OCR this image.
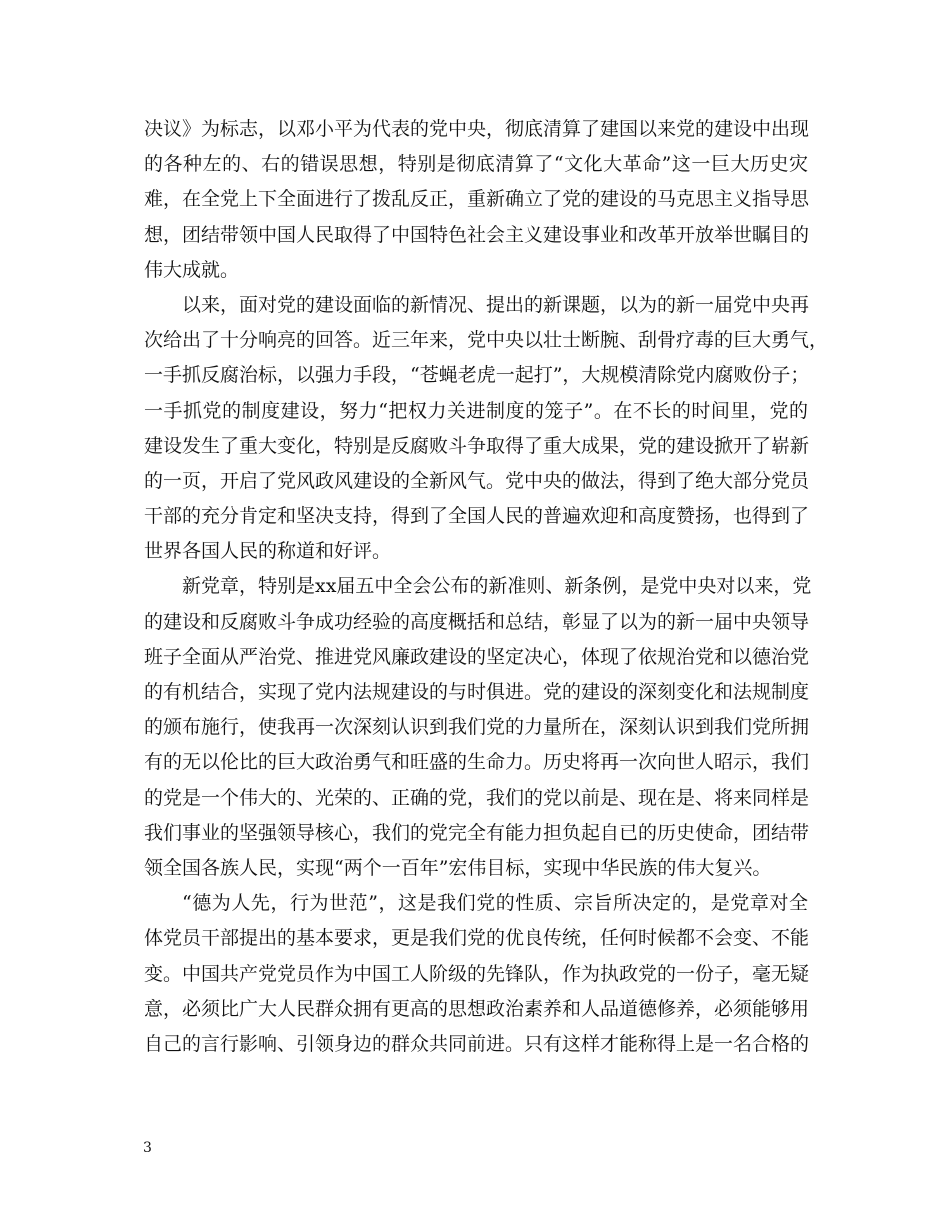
决议》为标志，以邓小平为代表的党中央，彻底清算了建国以来党的建设中出现
的各种左的、右的错误思想，特别是彻底清算了“文化大革命”这一巨大历史灾
难，在全党上下全面进行了拨乱反正，重新确立了党的建设的马克思主义指导思
想，团结带领中国人民取得了中国特色社会主义建设事业和改革开放举世瞩目的
伟大成就。
以来，面对党的建设面临的新情况、提出的新课题，以为的新一届党中央再
次给出了十分响亮的回答。近三年来，党中央以壮士断腕、刮骨疗毒的巨大勇气，
一手抓反腐治标，以强力手段，“苍蝇老虎一起打”，大规模清除党内腐败份子；
一手抓党的制度建设，努力“把权力关进制度的笼子”。在不长的时间里，党的
建设发生了重大变化，特别是反腐败斗争取得了重大成果，党的建设掀开了崭新
的一页，开启了党风政风建设的全新风气。党中央的做法，得到了绝大部分党员
干部的充分肯定和坚决支持，得到了全国人民的普遍欢迎和高度赞扬，也得到了
世界各国人民的称道和好评。
新党章，特别是xx届五中全会公布的新准则、新条例，是党中央对以来，党
的建设和反腐败斗争成功经验的高度概括和总结，彰显了以为的新一届中央领导
班子全面从严治党、推进党风廉政建设的坚定决心，体现了依规治党和以德治党
的有机结合，实现了党内法规建设的与时俱进。党的建设的深刻变化和法规制度
的颁布施行，使我再一次深刻认识到我们党的力量所在，深刻认识到我们党所拥
有的无以伦比的巨大政治勇气和旺盛的生命力。历史将再一次向世人昭示，我们
的党是一个伟大的、光荣的、正确的党，我们的党以前是、现在是、将来同样是
我们事业的坚强领导核心，我们的党完全有能力担负起自已的历史使命，团结带
领全国各族人民，实现“两个一百年”宏伟目标，实现中华民族的伟大复兴。
“德为人先，行为世范”，这是我们党的性质、宗旨所决定的，是党章对全
体党员干部提出的基本要求，更是我们党的优良传统，任何时候都不会变、不能
变。中国共产党党员作为中国工人阶级的先锋队，作为执政党的一份子，毫无疑
意，必须比广大人民群众拥有更高的思想政治素养和人品道德修养，必须能够用
自己的言行影响、引领身边的群众共同前进。只有这样才能称得上是一名合格的
3
